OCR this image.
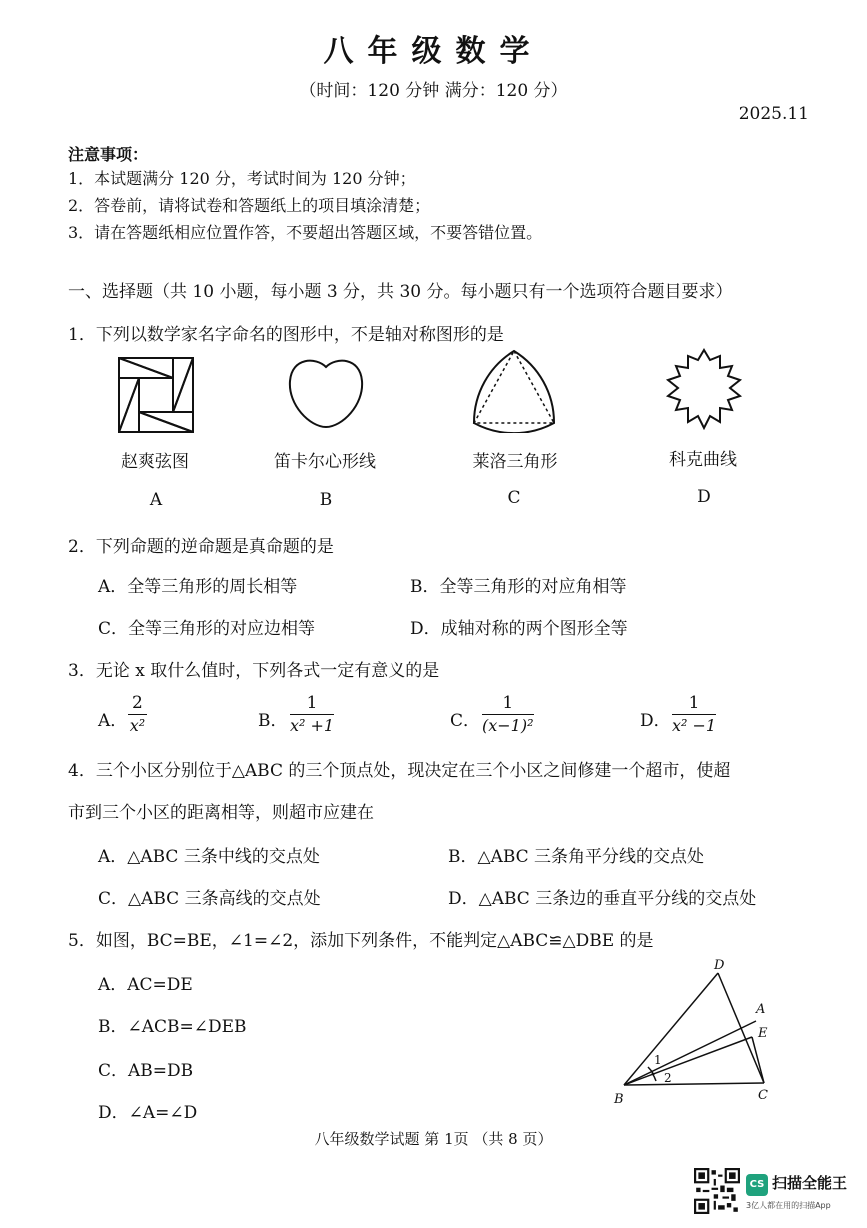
八年级数学
（时间：120 分钟 满分：120 分）
2025.11
注意事项：
1．本试题满分 120 分，考试时间为 120 分钟；
2．答卷前，请将试卷和答题纸上的项目填涂清楚；
3．请在答题纸相应位置作答，不要超出答题区域，不要答错位置。
一、选择题（共 10 小题，每小题 3 分，共 30 分。每小题只有一个选项符合题目要求）
1．下列以数学家名字命名的图形中，不是轴对称图形的是
赵爽弦图	笛卡尔心形线	莱洛三角形	科克曲线
A	B	C	D
2．下列命题的逆命题是真命题的是
A．全等三角形的周长相等	B．全等三角形的对应角相等
C．全等三角形的对应边相等	D．成轴对称的两个图形全等
3．无论 x 取什么值时，下列各式一定有意义的是
A． $\frac{2}{\text{x²}}$	B． $\frac{1}{\text{x² +1}}$	C． $\frac{1}{\text{(x−1)²}}$	D． $\frac{1}{\text{x² −1}}$
4．三个小区分别位于△ABC 的三个顶点处，现决定在三个小区之间修建一个超市，使超
市到三个小区的距离相等，则超市应建在
A．△ABC 三条中线的交点处	B．△ABC 三条角平分线的交点处
C．△ABC 三条高线的交点处	D．△ABC 三条边的垂直平分线的交点处
5．如图，BC=BE，∠1=∠2，添加下列条件，不能判定△ABC≌△DBE 的是
A．AC=DE
B．∠ACB=∠DEB
C．AB=DB
D．∠A=∠D
D
A
E
B	C
1
2
八年级数学试题 第 1页 （共 8 页）
CS 扫描全能王
3亿人都在用的扫描App
